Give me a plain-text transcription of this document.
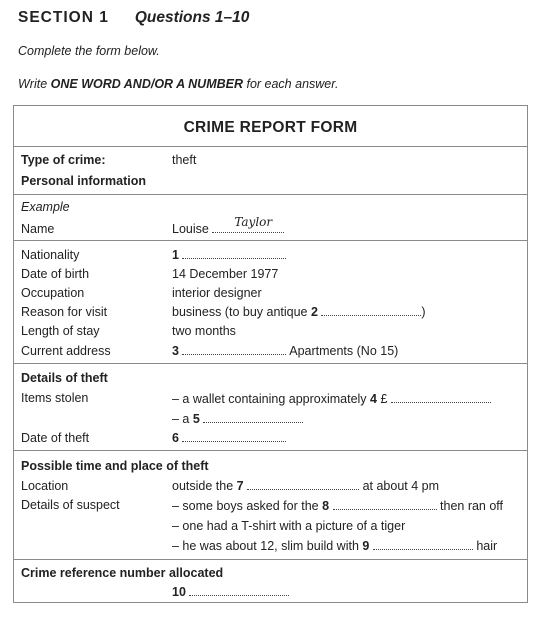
SECTION 1 Questions 1–10
Complete the form below.
Write ONE WORD AND/OR A NUMBER for each answer.
CRIME REPORT FORM
Type of crime:	theft
Personal information
Example
Name	Louise Taylor
Nationality	1
Date of birth	14 December 1977
Occupation	interior designer
Reason for visit	business (to buy antique 2	)
Length of stay	two months
Current address	3	Apartments (No 15)
Details of theft
Items stolen	– a wallet containing approximately 4 £
– a 5
Date of theft	6
Possible time and place of theft
Location	outside the 7	at about 4 pm
Details of suspect	– some boys asked for the 8	then ran off
– one had a T-shirt with a picture of a tiger
– he was about 12, slim build with 9	hair
Crime reference number allocated
10
